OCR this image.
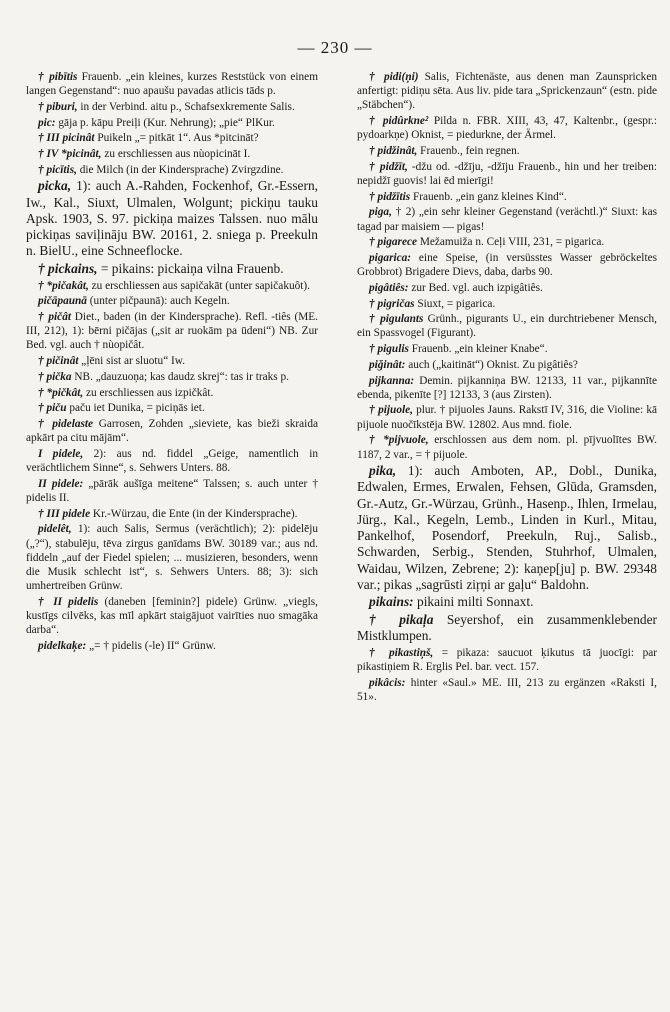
— 230 —

† pibītis Frauenb. „ein kleines, kurzes Reststück von einem langen Gegenstand“: nuo apaušu pavadas atlicis tāds p.

† piburi, in der Verbind. aitu p., Schafsexkremente Salis.

pic: gāja p. kāpu Preiļi (Kur. Nehrung); „pie“ PlKur.

† III picinât Puikeln „= pitkāt 1“. Aus *pitcināt?

† IV *picinât, zu erschliessen aus nùopicināt I.

† picītis, die Milch (in der Kindersprache) Zvirgzdine.

picka, 1): auch A.-Rahden, Fockenhof, Gr.-Essern, Iw., Kal., Siuxt, Ulmalen, Wolgunt; pickiņu tauku Apsk. 1903, S. 97. pickiņa maizes Talssen. nuo mālu pickiņas saviļināju BW. 20161, 2. sniega p. Preekuln n. BielU., eine Schneeflocke.

† pickains, = pikains: pickaiņa vilna Frauenb.

† *pičakât, zu erschliessen aus sapičakāt (unter sapičakuôt).

pičāpaunā (unter pičpaunā): auch Kegeln.

† pičât Diet., baden (in der Kindersprache). Refl. -tiês (ME. III, 212), 1): bērni pičājas („sit ar ruokām pa ūdeni“) NB. Zur Bed. vgl. auch † nùopičât.

† pičinât „ļēni sist ar sluotu“ Iw.

† pička NB. „dauzuoņa; kas daudz skrej“: tas ir traks p.

† *pičkât, zu erschliessen aus izpičkât.

† piču paču iet Dunika, = piciņās iet.

† pidelaste Garrosen, Zohden „sieviete, kas bieži skraida apkārt pa citu mājām“.

I pidele, 2): aus nd. fiddel „Geige, namentlich in verächtlichem Sinne“, s. Sehwers Unters. 88.

II pidele: „pārāk aušīga meitene“ Talssen; s. auch unter † pidelis II.

† III pidele Kr.-Würzau, die Ente (in der Kindersprache).

pidelêt, 1): auch Salis, Sermus (verächtlich); 2): pidelēju („?“), stabulēju, tēva zirgus ganīdams BW. 30189 var.; aus nd. fiddeln „auf der Fiedel spielen; ... musizieren, besonders, wenn die Musik schlecht ist“, s. Sehwers Unters. 88; 3): sich umhertreiben Grünw.

† II pidelis (daneben [feminin?] pidele) Grünw. „viegls, kustīgs cilvēks, kas mīl apkārt staigājuot vairīties nuo smagāka darba“.

pidelkaķe: „= † pidelis (-le) II“ Grünw.

† pidi(ņi) Salis, Fichtenäste, aus denen man Zaunspricken anfertigt: pidiņu sēta. Aus liv. pide tara „Sprickenzaun“ (estn. pide „Stäbchen“).

† pidûrkne² Pilda n. FBR. XIII, 43, 47, Kaltenbr., (gespr.: pydoarkņe) Oknist, = piedurkne, der Ärmel.

† pidžinât, Frauenb., fein regnen.

† pidžīt, -džu od. -džīju, -džīju Frauenb., hin und her treiben: nepidžī guovis! lai ēd mierīgi!

† pidžītis Frauenb. „ein ganz kleines Kind“.

piga, † 2) „ein sehr kleiner Gegenstand (verächtl.)“ Siuxt: kas tagad par maisiem — pigas!

† pigarece Mežamuiža n. Ceļi VIII, 231, = pigarica.

pigarica: eine Speise, (in versüsstes Wasser gebröckeltes Grobbrot) Brigadere Dievs, daba, darbs 90.

pigâtiês: zur Bed. vgl. auch izpigâtiês.

† pigričas Siuxt, = pigarica.

† pigulants Grünh., pigurants U., ein durchtriebener Mensch, ein Spassvogel (Figurant).

† pigulis Frauenb. „ein kleiner Knabe“.

piğinât: auch („kaitināt“) Oknist. Zu pigâtiês?

pijkanna: Demin. pijkanniņa BW. 12133, 11 var., pijkannīte ebenda, pikenīte [?] 12133, 3 (aus Zirsten).

† pijuole, plur. † pijuoles Jauns. Rakstī IV, 316, die Violine: kā pijuole nuočīkstēja BW. 12802. Aus mnd. fiole.

† *pijvuole, erschlossen aus dem nom. pl. pījvuolītes BW. 1187, 2 var., = † pijuole.

pika, 1): auch Amboten, AP., Dobl., Dunika, Edwalen, Ermes, Erwalen, Fehsen, Glūda, Gramsden, Gr.-Autz, Gr.-Würzau, Grünh., Hasenp., Ihlen, Irmelau, Jürg., Kal., Kegeln, Lemb., Linden in Kurl., Mitau, Pankelhof, Posendorf, Preekuln, Ruj., Salisb., Schwarden, Serbig., Stenden, Stuhrhof, Ulmalen, Waidau, Wilzen, Zebrene; 2): kaņep[ju] p. BW. 29348 var.; pikas „sagrūsti ziŗņi ar gaļu“ Baldohn.

pikains: pikaini milti Sonnaxt.

† pikaļa Seyershof, ein zusammenklebender Mistklumpen.

† pikastiņš, = pikaza: saucuot ķikutus tā juocīgi: par pikastiņiem R. Erglis Pel. bar. vect. 157.

pikâcis: hinter «Saul.» ME. III, 213 zu ergänzen «Raksti I, 51».
